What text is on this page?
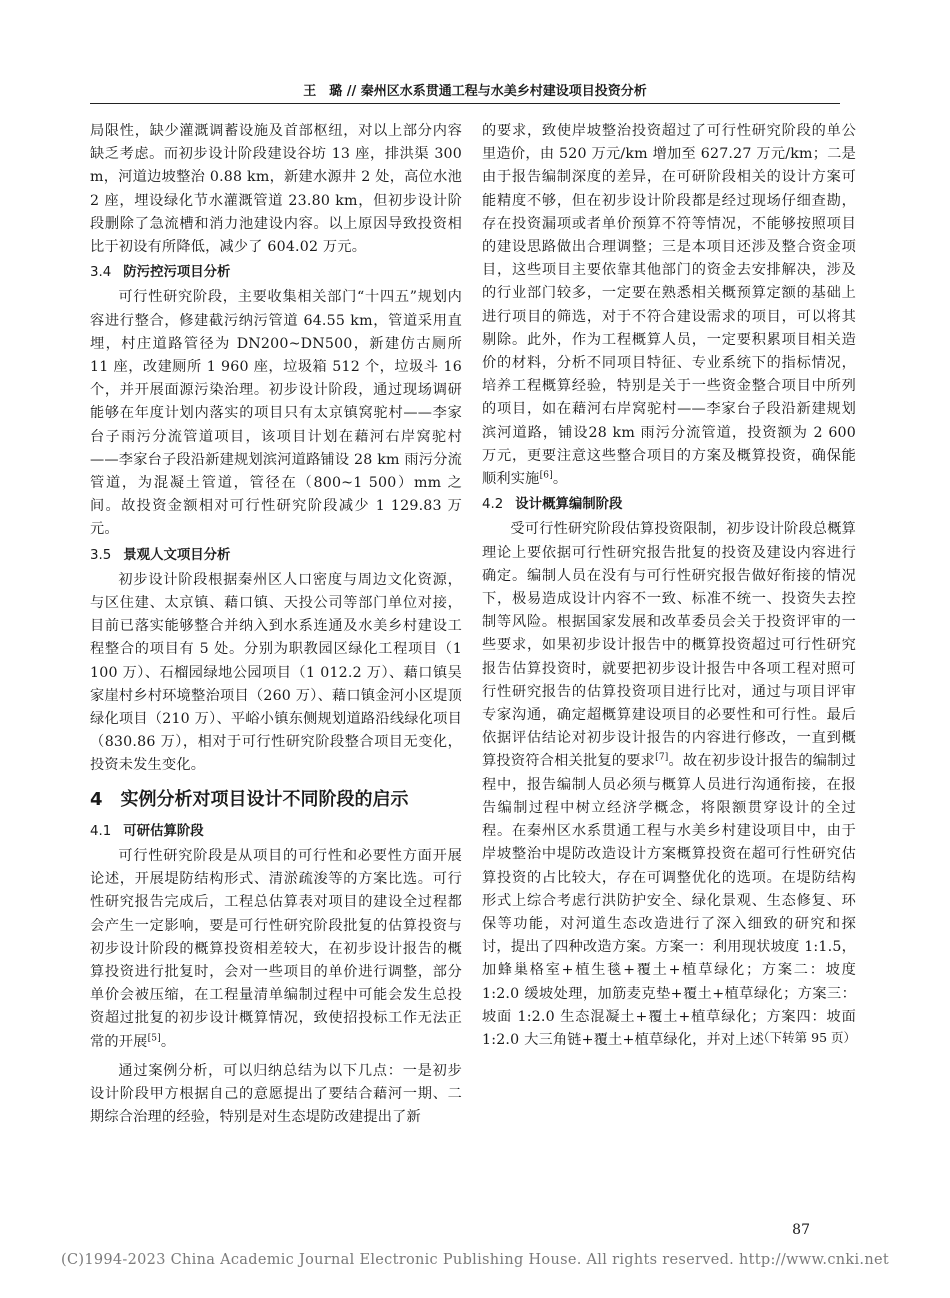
王　璐 // 秦州区水系贯通工程与水美乡村建设项目投资分析

局限性，缺少灌溉调蓄设施及首部枢纽，对以上部分内容缺乏考虑。而初步设计阶段建设谷坊 13 座，排洪渠 300 m，河道边坡整治 0.88 km，新建水源井 2 处，高位水池 2 座，埋设绿化节水灌溉管道 23.80 km，但初步设计阶段删除了急流槽和消力池建设内容。以上原因导致投资相比于初设有所降低，减少了 604.02 万元。

3.4 防污控污项目分析

可行性研究阶段，主要收集相关部门“十四五”规划内容进行整合，修建截污纳污管道 64.55 km，管道采用直埋，村庄道路管径为 DN200~DN500，新建仿古厕所 11 座，改建厕所 1 960 座，垃圾箱 512 个，垃圾斗 16 个，并开展面源污染治理。初步设计阶段，通过现场调研能够在年度计划内落实的项目只有太京镇窝驼村——李家台子雨污分流管道项目，该项目计划在藉河右岸窝驼村——李家台子段沿新建规划滨河道路铺设 28 km 雨污分流管道，为混凝土管道，管径在（800~1 500）mm 之间。故投资金额相对可行性研究阶段减少 1 129.83 万元。

3.5 景观人文项目分析

初步设计阶段根据秦州区人口密度与周边文化资源，与区住建、太京镇、藉口镇、天投公司等部门单位对接，目前已落实能够整合并纳入到水系连通及水美乡村建设工程整合的项目有 5 处。分别为职教园区绿化工程项目（1 100 万）、石榴园绿地公园项目（1 012.2 万）、藉口镇吴家崖村乡村环境整治项目（260 万）、藉口镇金河小区堤顶绿化项目（210 万）、平峪小镇东侧规划道路沿线绿化项目（830.86 万），相对于可行性研究阶段整合项目无变化，投资未发生变化。

4 实例分析对项目设计不同阶段的启示
4.1 可研估算阶段

可行性研究阶段是从项目的可行性和必要性方面开展论述，开展堤防结构形式、清淤疏浚等的方案比选。可行性研究报告完成后，工程总估算表对项目的建设全过程都会产生一定影响，要是可行性研究阶段批复的估算投资与初步设计阶段的概算投资相差较大，在初步设计报告的概算投资进行批复时，会对一些项目的单价进行调整，部分单价会被压缩，在工程量清单编制过程中可能会发生总投资超过批复的初步设计概算情况，致使招投标工作无法正常的开展[5]。

通过案例分析，可以归纳总结为以下几点：一是初步设计阶段甲方根据自己的意愿提出了要结合藉河一期、二期综合治理的经验，特别是对生态堤防改建提出了新

的要求，致使岸坡整治投资超过了可行性研究阶段的单公里造价，由 520 万元/km 增加至 627.27 万元/km；二是由于报告编制深度的差异，在可研阶段相关的设计方案可能精度不够，但在初步设计阶段都是经过现场仔细查勘，存在投资漏项或者单价预算不符等情况，不能够按照项目的建设思路做出合理调整；三是本项目还涉及整合资金项目，这些项目主要依靠其他部门的资金去安排解决，涉及的行业部门较多，一定要在熟悉相关概预算定额的基础上进行项目的筛选，对于不符合建设需求的项目，可以将其剔除。此外，作为工程概算人员，一定要积累项目相关造价的材料，分析不同项目特征、专业系统下的指标情况，培养工程概算经验，特别是关于一些资金整合项目中所列的项目，如在藉河右岸窝驼村——李家台子段沿新建规划滨河道路，铺设28 km 雨污分流管道，投资额为 2 600 万元，更要注意这些整合项目的方案及概算投资，确保能顺利实施[6]。

4.2 设计概算编制阶段

受可行性研究阶段估算投资限制，初步设计阶段总概算理论上要依据可行性研究报告批复的投资及建设内容进行确定。编制人员在没有与可行性研究报告做好衔接的情况下，极易造成设计内容不一致、标准不统一、投资失去控制等风险。根据国家发展和改革委员会关于投资评审的一些要求，如果初步设计报告中的概算投资超过可行性研究报告估算投资时，就要把初步设计报告中各项工程对照可行性研究报告的估算投资项目进行比对，通过与项目评审专家沟通，确定超概算建设项目的必要性和可行性。最后依据评估结论对初步设计报告的内容进行修改，一直到概算投资符合相关批复的要求[7]。故在初步设计报告的编制过程中，报告编制人员必须与概算人员进行沟通衔接，在报告编制过程中树立经济学概念，将限额贯穿设计的全过程。在秦州区水系贯通工程与水美乡村建设项目中，由于岸坡整治中堤防改造设计方案概算投资在超可行性研究估算投资的占比较大，存在可调整优化的选项。在堤防结构形式上综合考虑行洪防护安全、绿化景观、生态修复、环保等功能，对河道生态改造进行了深入细致的研究和探讨，提出了四种改造方案。方案一：利用现状坡度 1:1.5，加蜂巢格室+植生毯+覆土+植草绿化；方案二：坡度 1:2.0 缓坡处理，加筋麦克垫+覆土+植草绿化；方案三：坡面 1:2.0 生态混凝土+覆土+植草绿化；方案四：坡面 1:2.0 大三角链+覆土+植草绿化，并对上述

（下转第 95 页）
87
(C)1994-2023 China Academic Journal Electronic Publishing House. All rights reserved. http://www.cnki.net
